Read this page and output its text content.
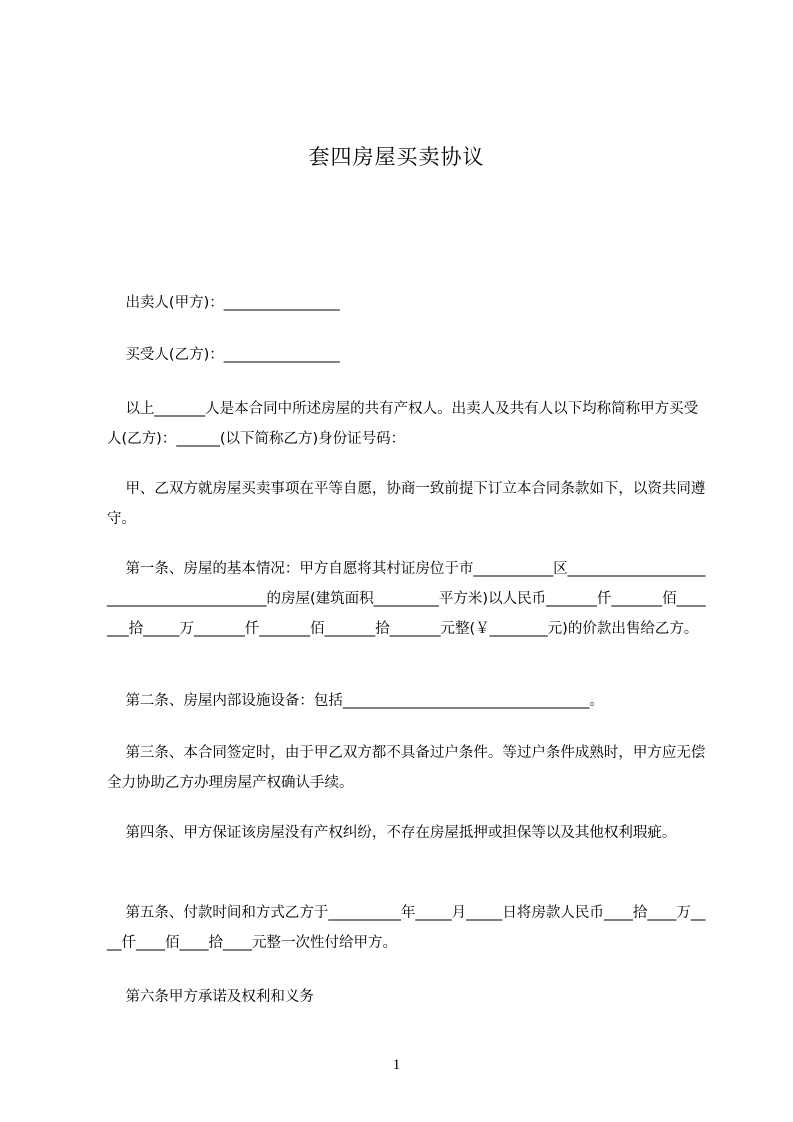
套四房屋买卖协议
出卖人(甲方)：________________
买受人(乙方)：________________
以上_______人是本合同中所述房屋的共有产权人。出卖人及共有人以下均称简称甲方买受人(乙方)：______(以下简称乙方)身份证号码：
甲、乙双方就房屋买卖事项在平等自愿，协商一致前提下订立本合同条款如下，以资共同遵守。
第一条、房屋的基本情况：甲方自愿将其村证房位于市___________区_________________________________________的房屋(建筑面积_________平方米)以人民币_______仟_______佰_______拾_____万_______仟_______佰_______拾_______元整(￥________元)的价款出售给乙方。
第二条、房屋内部设施设备：包括__________________________________。
第三条、本合同签定时，由于甲乙双方都不具备过户条件。等过户条件成熟时，甲方应无偿全力协助乙方办理房屋产权确认手续。
第四条、甲方保证该房屋没有产权纠纷，不存在房屋抵押或担保等以及其他权利瑕疵。
第五条、付款时间和方式乙方于__________年_____月_____日将房款人民币____拾____万____仟____佰____拾____元整一次性付给甲方。
第六条甲方承诺及权利和义务
1
